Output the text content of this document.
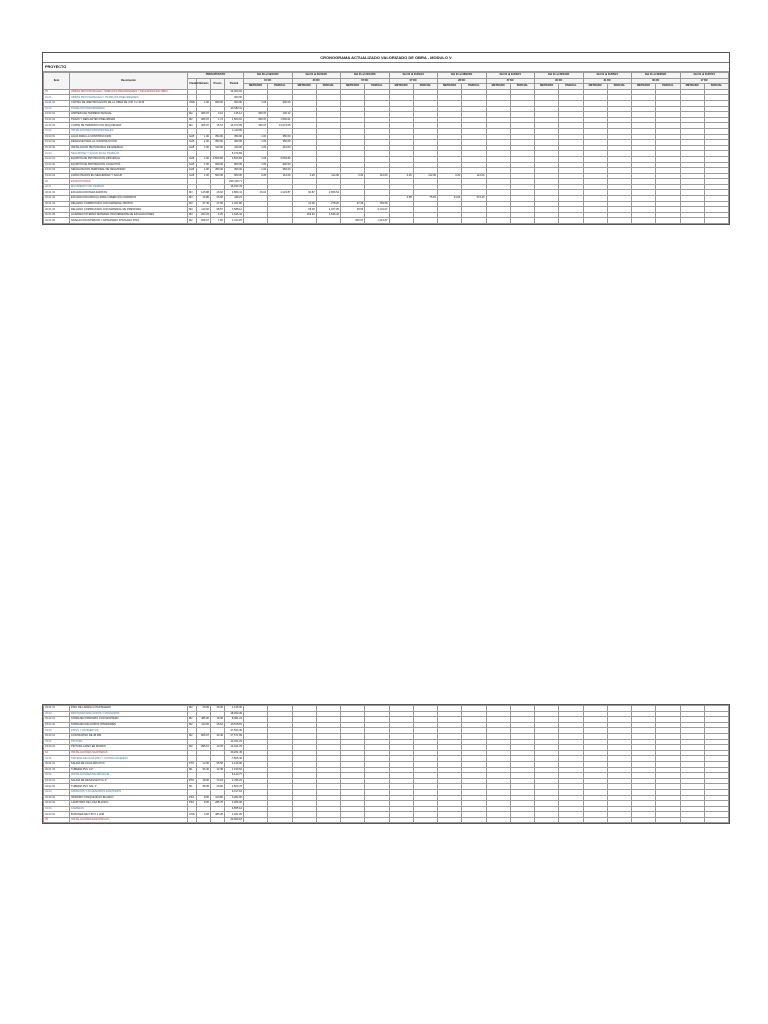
CRONOGRAMA ACTUALIZADO VALORIZADO DE OBRA - MODULO V
PROYECTO
Item	Descripción	PRESUPUESTO				Del 09 al 09/10/20		Del 01 al 30/11/20		Del 01 al 31/12/20		Del 01 al 31/01/21		Del 01 al 28/02/21		Del 01 al 31/03/21		Del 01 al 30/04/21		Del 01 al 31/05/21		Del 01 al 30/06/21		Del 01 al 31/07/21	
		Unidad	Metrado	Precio	Parcial	15 DC		20 DC		07 DC		07 DC		28 DC		27 DC		30 DC		31 DC		30 DC		17 DC	
						METRADO	PARCIAL	METRADO	PARCIAL	METRADO	PARCIAL	METRADO	PARCIAL	METRADO	PARCIAL	METRADO	PARCIAL	METRADO	PARCIAL	METRADO	PARCIAL	METRADO	PARCIAL	METRADO	PARCIAL
01	OBRAS PROVISIONALES, TRABAJOS PRELIMINARES Y SEGURIDAD EN OBRA				24,063.94																				
01.01	OBRAS PROVISIONALES Y TRABAJOS PRELIMINARES				900.00																				
01.01.01	CARTEL DE IDENTIFICACION DE LA OBRA DE 3.60 X 2.40 M	UND	1.00	900.00	900.00	1.00	900.00																		
01.02	TRABAJOS PRELIMINARES				16,683.11																				
01.02.01	LIMPIEZA DE TERRENO MANUAL	M2	906.97	0.16	145.12	906.97	145.12																		
01.02.02	TRAZO Y REPLANTEO PRELIMINAR	M2	906.97	1.72	1,560.01	906.97	1,560.01																		
01.02.03	CORTE DE TERRENO CON MAQUINARIA	M3	906.97	16.51	14,973.05	906.97	14,973.05																		
01.03	INSTALACIONES PROVISIONALES				1,110.00																				
01.03.01	AGUA PARA LA CONSTRUCCION	GLB	1.00	350.00	350.00	1.00	350.00																		
01.03.02	DESAGUE PARA LA CONSTRUCCION	GLB	1.00	350.00	350.00	1.00	350.00																		
01.03.03	INSTALACION PROVISIONAL DE ENERGIA	GLB	1.00	410.00	410.00	1.00	410.00																		
01.04	SEGURIDAD Y SALUD EN EL TRABAJO				5,370.83																				
01.04.01	EQUIPOS DE PROTECCION INDIVIDUAL	GLB	1.00	3,560.83	3,560.83	1.00	3,560.83																		
01.04.02	EQUIPOS DE PROTECCION COLECTIVA	GLB	1.00	900.00	900.00	1.00	900.00																		
01.04.03	SEÑALIZACION TEMPORAL DE SEGURIDAD	GLB	1.00	350.00	350.00	1.00	350.00																		
01.04.04	CAPACITACION EN SEGURIDAD Y SALUD	GLB	1.00	560.00	560.00	0.20	112.00	0.20	112.00	0.20	112.00	0.20	112.00	0.20	112.00										
02	ESTRUCTURAS				290,349.71																				
02.01	MOVIMIENTO DE TIERRAS				16,033.43																				
02.01.01	EXCAVACION PARA ZAPATAS	M3	145.88	26.60	3,880.41	46.01	1,223.87	99.87	2,656.54																
02.01.02	EXCAVACION MANUAL PARA CIMIENTOS CORRIDOS	M3	16.85	26.60	448.21							2.85	75.81	14.00	372.40										
02.01.03	RELLENO COMPACTADO CON MATERIAL PROPIO	M3	37.45	27.82	1,041.86			10.00	278.20	27.45	763.66														
02.01.04	RELLENO COMPACTADO CON MATERIAL DE PRESTAMO	M3	110.66	68.57	7,588.12			65.00	4,457.05	45.66	3,131.07														
02.01.05	ACARREO INTERNO MATERIAL PROVENIENTE DE EXCAVACIONES	M3	263.43	6.25	1,646.44			263.43	1,646.44																
02.01.06	NIVELACION INTERIOR Y APISONADO P/SOLADO PISO	M2	906.97	1.56	1,414.87					906.97	1,414.87														
03.01.01	PISO DE LADRILLO PASTELERO	M2	25.00	45.00	1,125.00																				
03.02	REVOQUES ENLUCIDOS Y MOLDURAS				18,452.39																				
03.02.01	TARRAJEO PRIMARIO CON MORTERO	M2	485.36	16.65	8,081.24																				
03.02.02	TARRAJEO DE MUROS INTERIORES	M2	410.25	25.64	10,518.81																				
03.03	PISOS Y PAVIMENTOS				47,560.45																				
03.03.01	CONTRAPISO DE 48 MM	M2	906.97	30.40	27,571.89																				
03.04	PINTURA				12,341.23																				
03.04.01	PINTURA LATEX EN MUROS	M2	895.61	13.78	12,341.23																				
04	INSTALACIONES SANITARIAS				30,261.45																				
04.01	SISTEMA DE AGUA FRIA Y CONTRA INCENDIO				7,865.40																				
04.01.01	SALIDA DE AGUA FRIA PVC	PTO	12.00	95.50	1,146.00																				
04.01.02	TUBERIA PVC 1/2"	ML	96.40	12.35	1,190.54																				
04.02	INSTALACIONES DE DESAGUE				6,123.77																				
04.02.01	SALIDA DE DESAGUE PVC 4"	PTO	18.00	74.18	1,335.24																				
04.02.02	TUBERIA PVC SAL 4"	ML	58.35	26.80	1,563.78																				
04.03	APARATOS Y ACCESORIOS SANITARIOS				9,417.16																				
04.03.01	INODORO TANQUE BAJO BLANCO	PZA	8.00	410.50	3,284.00																				
04.03.02	LAVATORIO DE LOSA BLANCO	PZA	8.00	285.75	2,286.00																				
04.04	CAMARAS				4,855.12																				
04.04.01	BUZONES DE 0.60 X 1.20M	UND	4.00	485.30	1,941.20																				
05	INSTALACIONES ELECTRICAS				22,569.18																				
